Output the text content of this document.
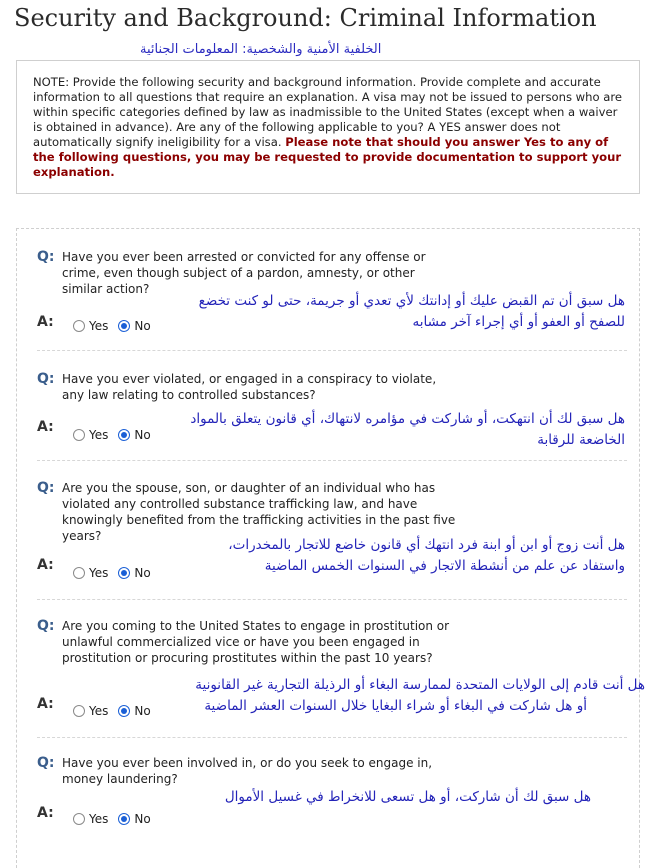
Security and Background: Criminal Information
الخلفية الأمنية والشخصية: المعلومات الجنائية
NOTE: Provide the following security and background information. Provide complete and accurate information to all questions that require an explanation. A visa may not be issued to persons who are within specific categories defined by law as inadmissible to the United States (except when a waiver is obtained in advance). Are any of the following applicable to you? A YES answer does not automatically signify ineligibility for a visa. Please note that should you answer Yes to any of the following questions, you may be requested to provide documentation to support your explanation.
Q: Have you ever been arrested or convicted for any offense or crime, even though subject of a pardon, amnesty, or other similar action?
هل سبق أن تم القبض عليك أو إدانتك لأي تعدي أو جريمة، حتى لو كنت تخضع
للصفح أو العفو أو أي إجراء آخر مشابه
A:	Yes No
Q: Have you ever violated, or engaged in a conspiracy to violate, any law relating to controlled substances?
هل سبق لك أن انتهكت، أو شاركت في مؤامره لانتهاك، أي قانون يتعلق بالمواد
الخاضعة للرقابة
A:	Yes No
Q: Are you the spouse, son, or daughter of an individual who has violated any controlled substance trafficking law, and have knowingly benefited from the trafficking activities in the past five years?
هل أنت زوج أو ابن أو ابنة فرد انتهك أي قانون خاضع للاتجار بالمخدرات،
واستفاد عن علم من أنشطة الاتجار في السنوات الخمس الماضية
A:	Yes No
Q: Are you coming to the United States to engage in prostitution or unlawful commercialized vice or have you been engaged in prostitution or procuring prostitutes within the past 10 years?
هل أنت قادم إلى الولايات المتحدة لممارسة البغاء أو الرذيلة التجارية غير القانونية
أو هل شاركت في البغاء أو شراء البغايا خلال السنوات العشر الماضية
A:	Yes No
Q: Have you ever been involved in, or do you seek to engage in, money laundering?
هل سبق لك أن شاركت، أو هل تسعى للانخراط في غسيل الأموال
A:	Yes No
